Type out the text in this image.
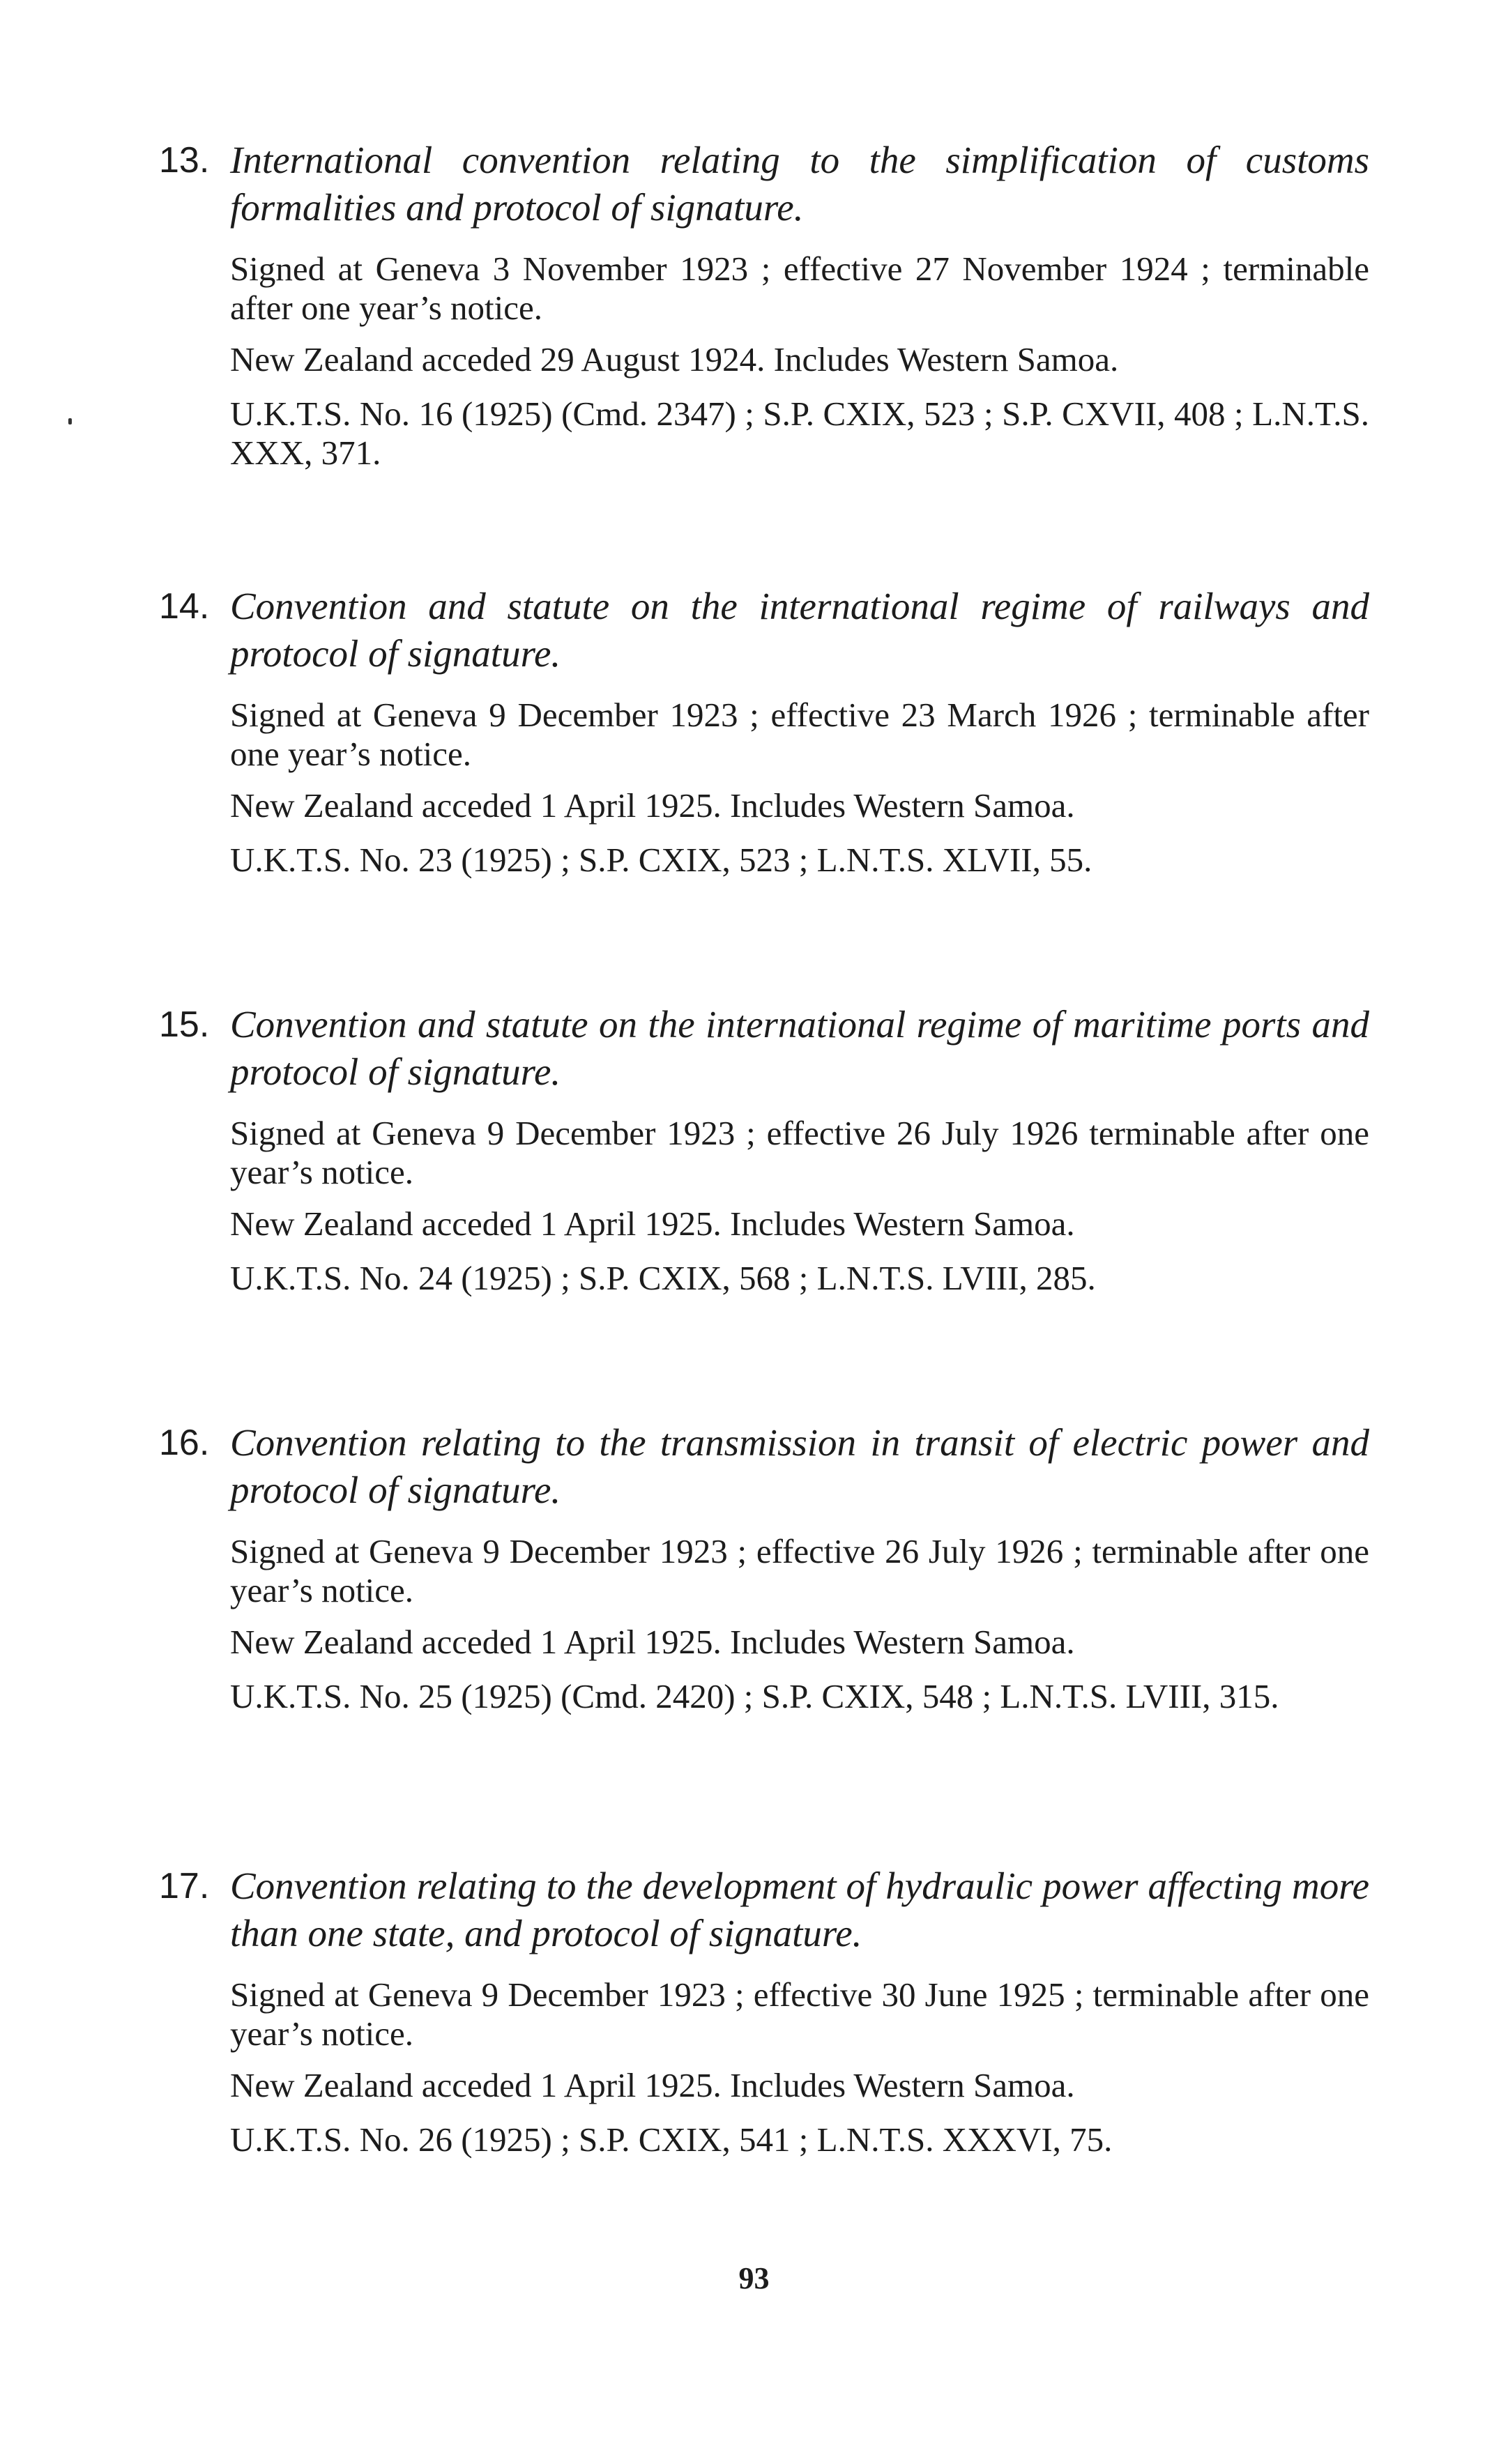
13. International convention relating to the simplification of customs formalities and protocol of signature.

Signed at Geneva 3 November 1923 ; effective 27 November 1924 ; terminable after one year’s notice.

New Zealand acceded 29 August 1924. Includes Western Samoa.

U.K.T.S. No. 16 (1925) (Cmd. 2347) ; S.P. CXIX, 523 ; S.P. CXVII, 408 ; L.N.T.S. XXX, 371.

14. Convention and statute on the international regime of railways and protocol of signature.

Signed at Geneva 9 December 1923 ; effective 23 March 1926 ; terminable after one year’s notice.

New Zealand acceded 1 April 1925. Includes Western Samoa.

U.K.T.S. No. 23 (1925) ; S.P. CXIX, 523 ; L.N.T.S. XLVII, 55.

15. Convention and statute on the international regime of maritime ports and protocol of signature.

Signed at Geneva 9 December 1923 ; effective 26 July 1926 terminable after one year’s notice.

New Zealand acceded 1 April 1925. Includes Western Samoa.

U.K.T.S. No. 24 (1925) ; S.P. CXIX, 568 ; L.N.T.S. LVIII, 285.

16. Convention relating to the transmission in transit of electric power and protocol of signature.

Signed at Geneva 9 December 1923 ; effective 26 July 1926 ; terminable after one year’s notice.

New Zealand acceded 1 April 1925. Includes Western Samoa.

U.K.T.S. No. 25 (1925) (Cmd. 2420) ; S.P. CXIX, 548 ; L.N.T.S. LVIII, 315.

17. Convention relating to the development of hydraulic power affecting more than one state, and protocol of signature.

Signed at Geneva 9 December 1923 ; effective 30 June 1925 ; terminable after one year’s notice.

New Zealand acceded 1 April 1925. Includes Western Samoa.

U.K.T.S. No. 26 (1925) ; S.P. CXIX, 541 ; L.N.T.S. XXXVI, 75.

93
